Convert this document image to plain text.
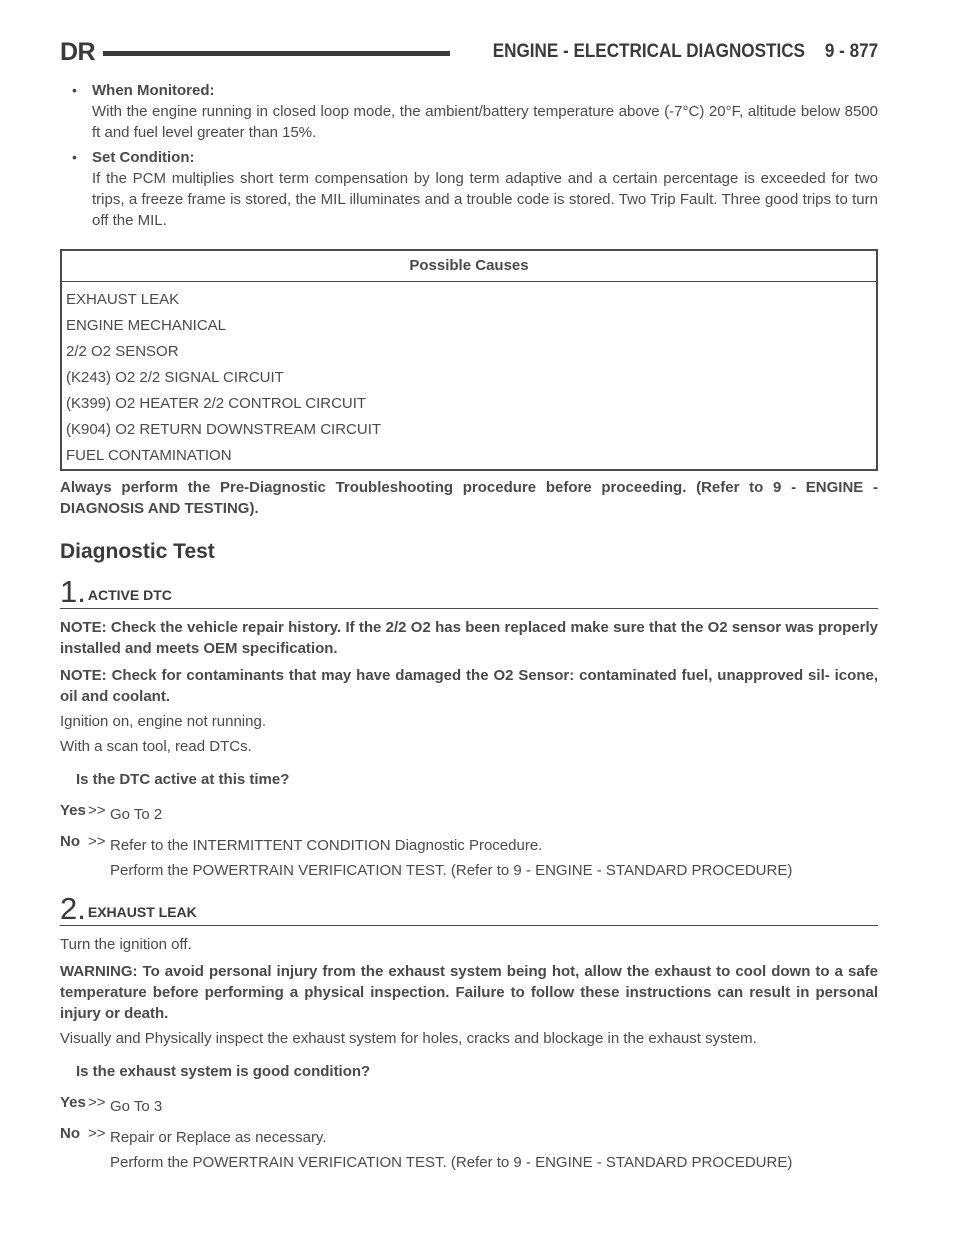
DR	ENGINE - ELECTRICAL DIAGNOSTICS 9 - 877
• When Monitored:
With the engine running in closed loop mode, the ambient/battery temperature above (-7°C) 20°F, altitude below 8500 ft and fuel level greater than 15%.
• Set Condition:
If the PCM multiplies short term compensation by long term adaptive and a certain percentage is exceeded for two trips, a freeze frame is stored, the MIL illuminates and a trouble code is stored. Two Trip Fault. Three good trips to turn off the MIL.
Possible Causes
EXHAUST LEAK
ENGINE MECHANICAL
2/2 O2 SENSOR
(K243) O2 2/2 SIGNAL CIRCUIT
(K399) O2 HEATER 2/2 CONTROL CIRCUIT
(K904) O2 RETURN DOWNSTREAM CIRCUIT
FUEL CONTAMINATION
Always perform the Pre-Diagnostic Troubleshooting procedure before proceeding. (Refer to 9 - ENGINE - DIAGNOSIS AND TESTING).
Diagnostic Test
1. ACTIVE DTC
NOTE: Check the vehicle repair history. If the 2/2 O2 has been replaced make sure that the O2 sensor was properly installed and meets OEM specification.
NOTE: Check for contaminants that may have damaged the O2 Sensor: contaminated fuel, unapproved sil- icone, oil and coolant.
Ignition on, engine not running.
With a scan tool, read DTCs.
Is the DTC active at this time?
Yes >> Go To 2
No >> Refer to the INTERMITTENT CONDITION Diagnostic Procedure.
Perform the POWERTRAIN VERIFICATION TEST. (Refer to 9 - ENGINE - STANDARD PROCEDURE)
2. EXHAUST LEAK
Turn the ignition off.
WARNING: To avoid personal injury from the exhaust system being hot, allow the exhaust to cool down to a safe temperature before performing a physical inspection. Failure to follow these instructions can result in personal injury or death.
Visually and Physically inspect the exhaust system for holes, cracks and blockage in the exhaust system.
Is the exhaust system is good condition?
Yes >> Go To 3
No >> Repair or Replace as necessary.
Perform the POWERTRAIN VERIFICATION TEST. (Refer to 9 - ENGINE - STANDARD PROCEDURE)
